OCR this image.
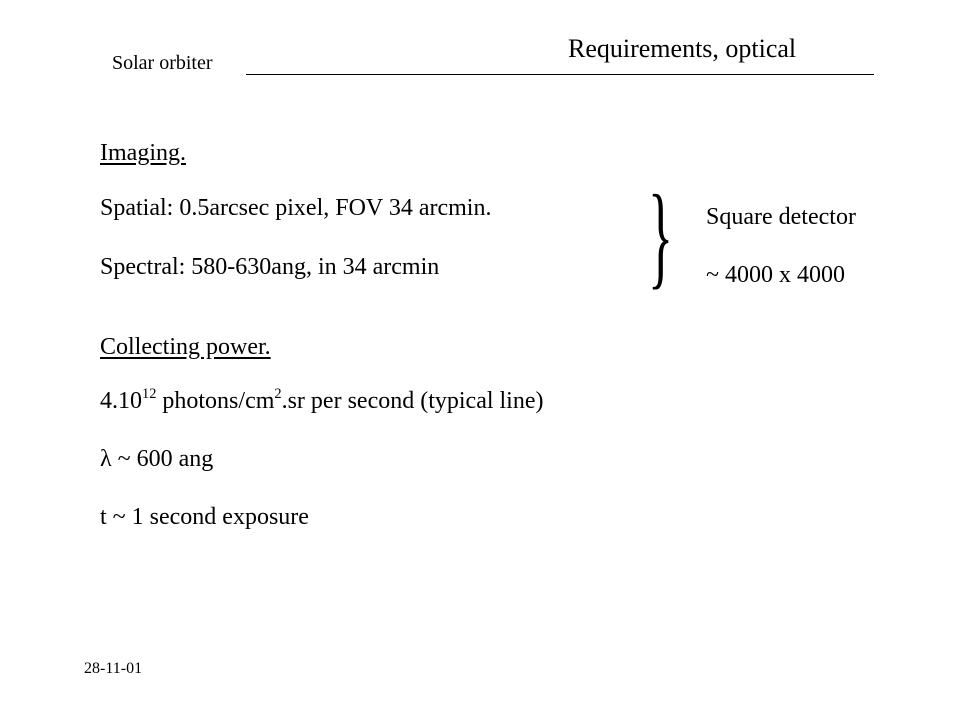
Solar orbiter	Requirements, optical
Imaging.
Spatial: 0.5arcsec pixel, FOV 34 arcmin.
Spectral: 580-630ang, in 34 arcmin } Square detector
~ 4000 x 4000
Collecting power.
4.10$^{12}$ photons/$cm^2.sr$ per second (typical line)
λ ~ 600 ang
t ~ 1 second exposure
28-11-01
